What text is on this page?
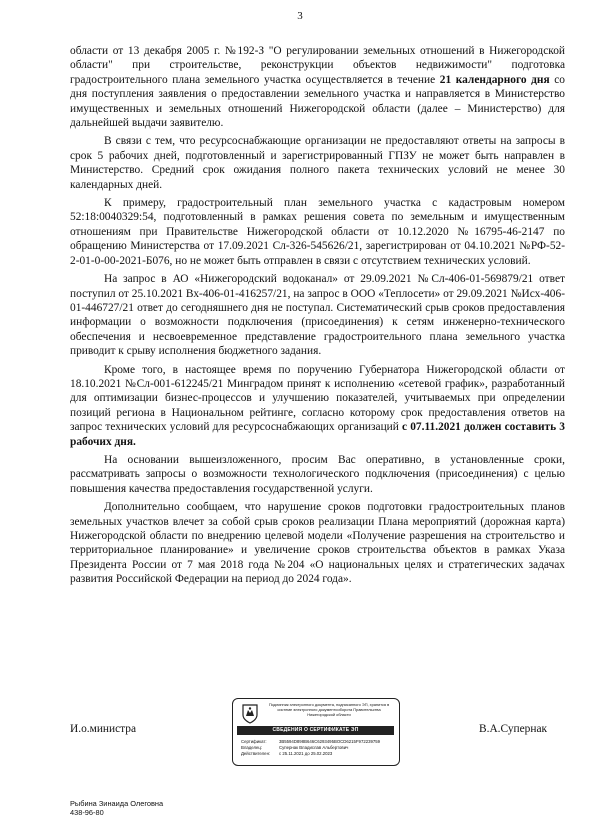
3

области от 13 декабря 2005 г. №192-З "О регулировании земельных отношений в Нижегородской области" при строительстве, реконструкции объектов недвижимости" подготовка градостроительного плана земельного участка осуществляется в течение 21 календарного дня со дня поступления заявления о предоставлении земельного участка и направляется в Министерство имущественных и земельных отношений Нижегородской области (далее – Министерство) для дальнейшей выдачи заявителю.

В связи с тем, что ресурсоснабжающие организации не предоставляют ответы на запросы в срок 5 рабочих дней, подготовленный и зарегистрированный ГПЗУ не может быть направлен в Министерство. Средний срок ожидания полного пакета технических условий не менее 30 календарных дней.

К примеру, градостроительный план земельного участка с кадастровым номером 52:18:0040329:54, подготовленный в рамках решения совета по земельным и имущественным отношениям при Правительстве Нижегородской области от 10.12.2020 №16795-46-2147 по обращению Министерства от 17.09.2021 Сл-326-545626/21, зарегистрирован от 04.10.2021 №РФ-52-2-01-0-00-2021-Б076, но не может быть отправлен в связи с отсутствием технических условий.

На запрос в АО «Нижегородский водоканал» от 29.09.2021 №Сл-406-01-569879/21 ответ поступил от 25.10.2021 Вх-406-01-416257/21, на запрос в ООО «Теплосети» от 29.09.2021 №Исх-406-01-446727/21 ответ до сегодняшнего дня не поступал. Систематический срыв сроков предоставления информации о возможности подключения (присоединения) к сетям инженерно-технического обеспечения и несвоевременное представление градостроительного плана земельного участка приводит к срыву исполнения бюджетного задания.

Кроме того, в настоящее время по поручению Губернатора Нижегородской области от 18.10.2021 №Сл-001-612245/21 Минградом принят к исполнению «сетевой график», разработанный для оптимизации бизнес-процессов и улучшению показателей, учитываемых при определении позиций региона в Национальном рейтинге, согласно которому срок предоставления ответов на запрос технических условий для ресурсоснабжающих организаций с 07.11.2021 должен составить 3 рабочих дня.

На основании вышеизложенного, просим Вас оперативно, в установленные сроки, рассматривать запросы о возможности технологического подключения (присоединения) с целью повышения качества предоставления государственной услуги.

Дополнительно сообщаем, что нарушение сроков подготовки градостроительных планов земельных участков влечет за собой срыв сроков реализации Плана мероприятий (дорожная карта) Нижегородской области по внедрению целевой модели «Получение разрешения на строительство и территориальное планирование» и увеличение сроков строительства объектов в рамках Указа Президента России от 7 мая 2018 года №204 «О национальных целях и стратегических задачах развития Российской Федерации на период до 2024 года».

И.о.министра
Подлинник электронного документа, подписанного ЭП, хранится в системе электронного документооборота Правительства Нижегородской области
СВЕДЕНИЯ О СЕРТИФИКАТЕ ЭП
Сертификат:	3B5594D898B646C6293495BOCD6215F972239759
Владелец:	Супернак Владислав Альбертович
Действителен:	с 25.11.2021 до 25.02.2023
В.А.Супернак
Рыбина Зинаида Олеговна
438-96-80
